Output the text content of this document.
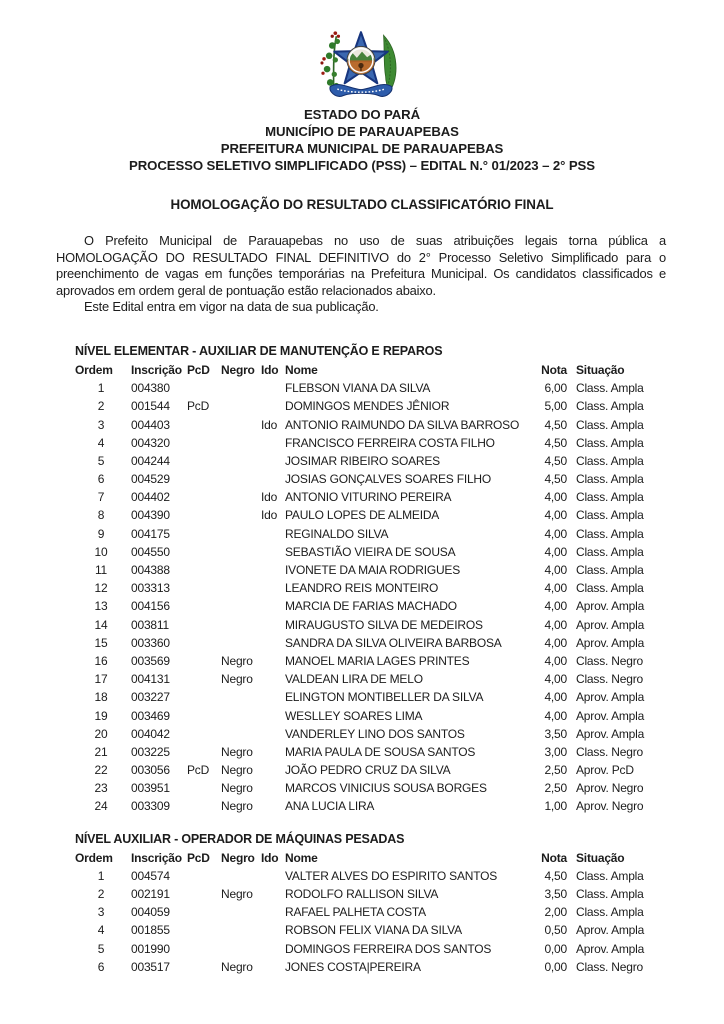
ESTADO DO PARÁ
MUNICÍPIO DE PARAUAPEBAS
PREFEITURA MUNICIPAL DE PARAUAPEBAS
PROCESSO SELETIVO SIMPLIFICADO (PSS) – EDITAL N.° 01/2023 – 2° PSS
HOMOLOGAÇÃO DO RESULTADO CLASSIFICATÓRIO FINAL

O Prefeito Municipal de Parauapebas no uso de suas atribuições legais torna pública a HOMOLOGAÇÃO DO RESULTADO FINAL DEFINITIVO do 2° Processo Seletivo Simplificado para o preenchimento de vagas em funções temporárias na Prefeitura Municipal. Os candidatos classificados e aprovados em ordem geral de pontuação estão relacionados abaixo.

Este Edital entra em vigor na data de sua publicação.

NÍVEL ELEMENTAR - AUXILIAR DE MANUTENÇÃO E REPAROS
Ordem	Inscrição PcD Negro Ido Nome	Nota Situação
1	004380	FLEBSON VIANA DA SILVA	6,00 Class. Ampla
2	001544	PcD	DOMINGOS MENDES JÊNIOR	5,00 Class. Ampla
3	004403	Ido ANTONIO RAIMUNDO DA SILVA BARROSO	4,50 Class. Ampla
4	004320	FRANCISCO FERREIRA COSTA FILHO	4,50 Class. Ampla
5	004244	JOSIMAR RIBEIRO SOARES	4,50 Class. Ampla
6	004529	JOSIAS GONÇALVES SOARES FILHO	4,50 Class. Ampla
7	004402	Ido ANTONIO VITURINO PEREIRA	4,00 Class. Ampla
8	004390	Ido PAULO LOPES DE ALMEIDA	4,00 Class. Ampla
9	004175	REGINALDO SILVA	4,00 Class. Ampla
10	004550	SEBASTIÃO VIEIRA DE SOUSA	4,00 Class. Ampla
11	004388	IVONETE DA MAIA RODRIGUES	4,00 Class. Ampla
12	003313	LEANDRO REIS MONTEIRO	4,00 Class. Ampla
13	004156	MARCIA DE FARIAS MACHADO	4,00 Aprov. Ampla
14	003811	MIRAUGUSTO SILVA DE MEDEIROS	4,00 Aprov. Ampla
15	003360	SANDRA DA SILVA OLIVEIRA BARBOSA	4,00 Aprov. Ampla
16	003569	Negro	MANOEL MARIA LAGES PRINTES	4,00 Class. Negro
17	004131	Negro	VALDEAN LIRA DE MELO	4,00 Class. Negro
18	003227	ELINGTON MONTIBELLER DA SILVA	4,00 Aprov. Ampla
19	003469	WESLLEY SOARES LIMA	4,00 Aprov. Ampla
20	004042	VANDERLEY LINO DOS SANTOS	3,50 Aprov. Ampla
21	003225	Negro	MARIA PAULA DE SOUSA SANTOS	3,00 Class. Negro
22	003056	PcD Negro	JOÃO PEDRO CRUZ DA SILVA	2,50 Aprov. PcD
23	003951	Negro	MARCOS VINICIUS SOUSA BORGES	2,50 Aprov. Negro
24	003309	Negro	ANA LUCIA LIRA	1,00 Aprov. Negro
NÍVEL AUXILIAR - OPERADOR DE MÁQUINAS PESADAS
Ordem	Inscrição PcD Negro Ido Nome	Nota Situação
1	004574	VALTER ALVES DO ESPIRITO SANTOS	4,50 Class. Ampla
2	002191	Negro	RODOLFO RALLISON SILVA	3,50 Class. Ampla
3	004059	RAFAEL PALHETA COSTA	2,00 Class. Ampla
4	001855	ROBSON FELIX VIANA DA SILVA	0,50 Aprov. Ampla
5	001990	DOMINGOS FERREIRA DOS SANTOS	0,00 Aprov. Ampla
6	003517	Negro	JONES COSTA|PEREIRA	0,00 Class. Negro
